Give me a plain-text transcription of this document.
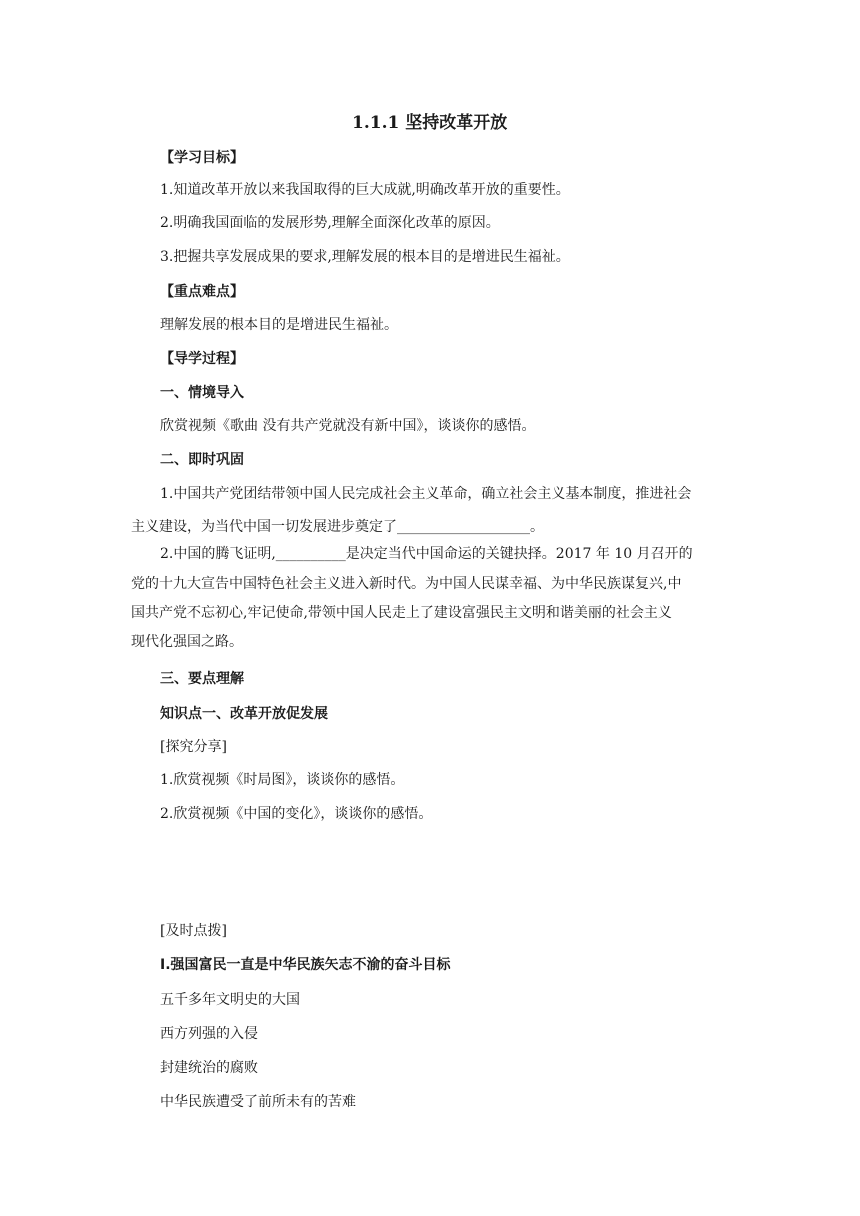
1.1.1 坚持改革开放
【学习目标】
1.知道改革开放以来我国取得的巨大成就,明确改革开放的重要性。
2.明确我国面临的发展形势,理解全面深化改革的原因。
3.把握共享发展成果的要求,理解发展的根本目的是增进民生福祉。
【重点难点】
理解发展的根本目的是增进民生福祉。
【导学过程】
一、情境导入
欣赏视频《歌曲 没有共产党就没有新中国》，谈谈你的感悟。
二、即时巩固
1.中国共产党团结带领中国人民完成社会主义革命，确立社会主义基本制度，推进社会
主义建设，为当代中国一切发展进步奠定了___________________。
2.中国的腾飞证明,__________是决定当代中国命运的关键抉择。2017 年 10 月召开的
党的十九大宣告中国特色社会主义进入新时代。为中国人民谋幸福、为中华民族谋复兴,中
国共产党不忘初心,牢记使命,带领中国人民走上了建设富强民主文明和谐美丽的社会主义
现代化强国之路。
三、要点理解
知识点一、改革开放促发展
[探究分享]
1.欣赏视频《时局图》，谈谈你的感悟。
2.欣赏视频《中国的变化》，谈谈你的感悟。
[及时点拨]
Ⅰ.强国富民一直是中华民族矢志不渝的奋斗目标
五千多年文明史的大国
西方列强的入侵
封建统治的腐败
中华民族遭受了前所未有的苦难
